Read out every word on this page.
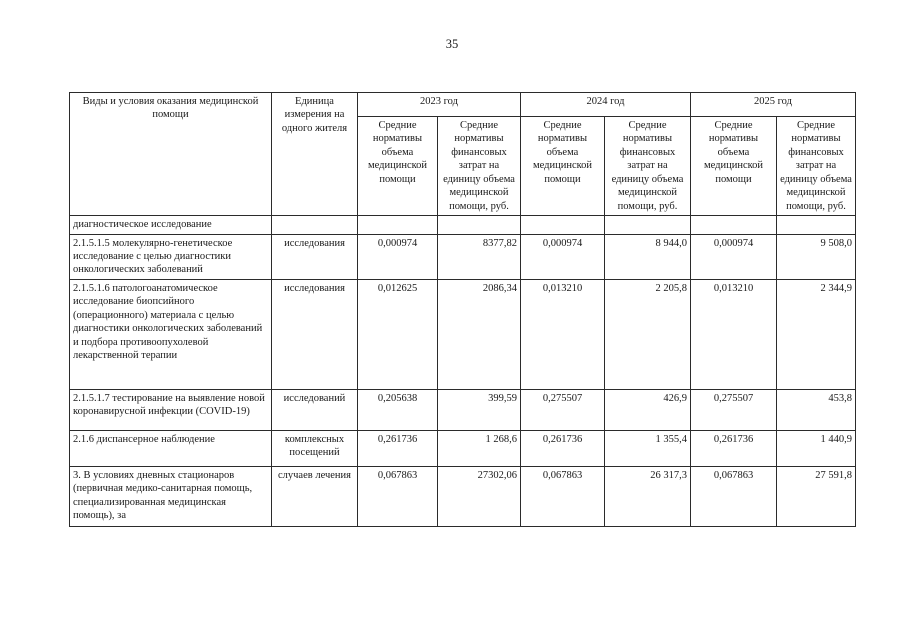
35
Виды и условия оказания медицинской помощи	Единица измерения на одного жителя	2023 год		2024 год		2025 год	
		Средние нормативы объема медицинской помощи	Средние нормативы финансовых затрат на единицу объема медицинской помощи, руб.	Средние нормативы объема медицинской помощи	Средние нормативы финансовых затрат на единицу объема медицинской помощи, руб.	Средние нормативы объема медицинской помощи	Средние нормативы финансовых затрат на единицу объема медицинской помощи, руб.
диагностическое исследование							
2.1.5.1.5 молекулярно-генетическое исследование с целью диагностики онкологических заболеваний	исследования	0,000974	8377,82	0,000974	8 944,0	0,000974	9 508,0
2.1.5.1.6 патологоанатомическое исследование биопсийного (операционного) материала с целью диагностики онкологических заболеваний и подбора противоопухолевой лекарственной терапии	исследования	0,012625	2086,34	0,013210	2 205,8	0,013210	2 344,9
2.1.5.1.7 тестирование на выявление новой коронавирусной инфекции (COVID-19)	исследований	0,205638	399,59	0,275507	426,9	0,275507	453,8
2.1.6 диспансерное наблюдение	комплексных посещений	0,261736	1 268,6	0,261736	1 355,4	0,261736	1 440,9
3. В условиях дневных стационаров (первичная медико-санитарная помощь, специализированная медицинская помощь), за	случаев лечения	0,067863	27302,06	0,067863	26 317,3	0,067863	27 591,8
